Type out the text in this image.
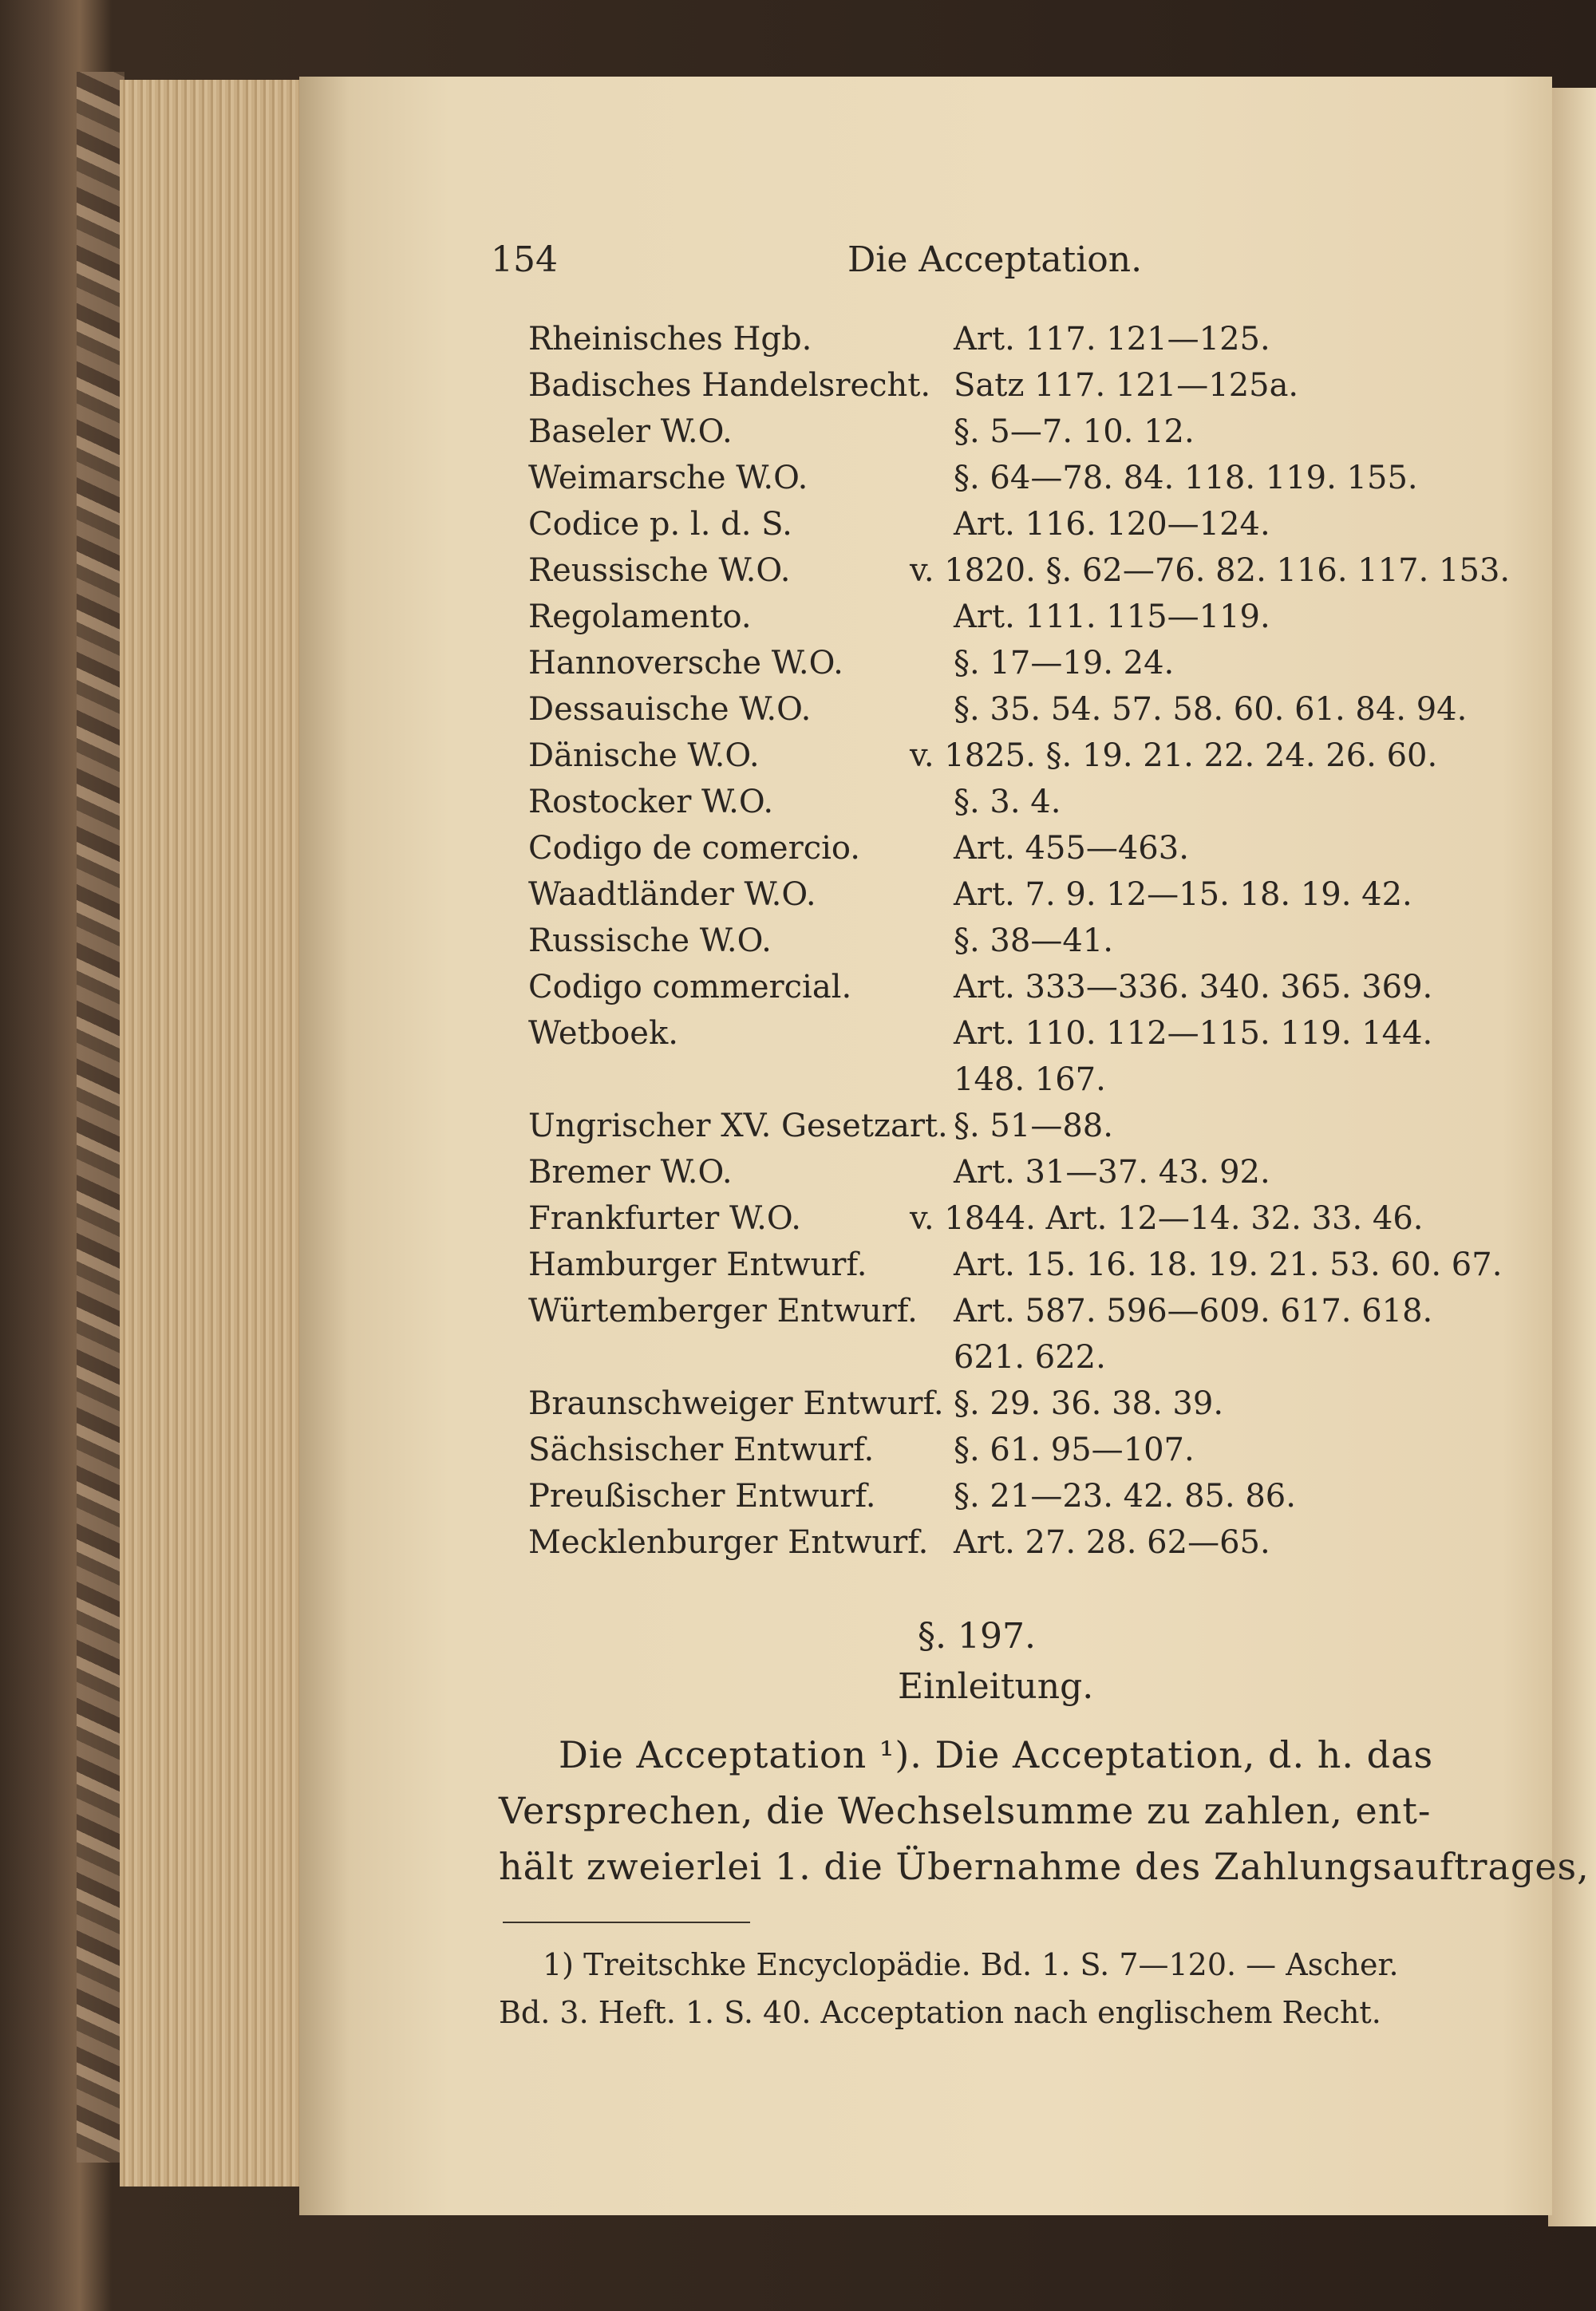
154	Die Acceptation.
Rheinisches Hgb.	Art. 117. 121—125.
Badisches Handelsrecht. Satz 117. 121—125a.
Baseler W.O.	§. 5—7. 10. 12.
Weimarsche W.O.	§. 64—78. 84. 118. 119. 155.
Codice p. l. d. S.	Art. 116. 120—124.
Reussische W.O.	v. 1820. §. 62—76. 82. 116. 117. 153.
Regolamento.	Art. 111. 115—119.
Hannoversche W.O.	§. 17—19. 24.
Dessauische W.O.	§. 35. 54. 57. 58. 60. 61. 84. 94.
Dänische W.O.	v. 1825. §. 19. 21. 22. 24. 26. 60.
Rostocker W.O.	§. 3. 4.
Codigo de comercio.	Art. 455—463.
Waadtländer W.O.	Art. 7. 9. 12—15. 18. 19. 42.
Russische W.O.	§. 38—41.
Codigo commercial.	Art. 333—336. 340. 365. 369.
Wetboek.	Art. 110. 112—115. 119. 144.
148. 167.
Ungrischer XV. Gesetzart. §. 51—88.
Bremer W.O.	Art. 31—37. 43. 92.
Frankfurter W.O.	v. 1844. Art. 12—14. 32. 33. 46.
Hamburger Entwurf.	Art. 15. 16. 18. 19. 21. 53. 60. 67.
Würtemberger Entwurf. Art. 587. 596—609. 617. 618.
621. 622.
Braunschweiger Entwurf. §. 29. 36. 38. 39.
Sächsischer Entwurf. §. 61. 95—107.
Preußischer Entwurf. §. 21—23. 42. 85. 86.
Mecklenburger Entwurf. Art. 27. 28. 62—65.
§. 197.
Einleitung.
Die Acceptation ¹). Die Acceptation, d. h. das
Versprechen, die Wechselsumme zu zahlen, ent-
hält zweierlei 1. die Übernahme des Zahlungsauftrages,
1) Treitschke Encyclopädie. Bd. 1. S. 7—120. — Ascher.
Bd. 3. Heft. 1. S. 40. Acceptation nach englischem Recht.
